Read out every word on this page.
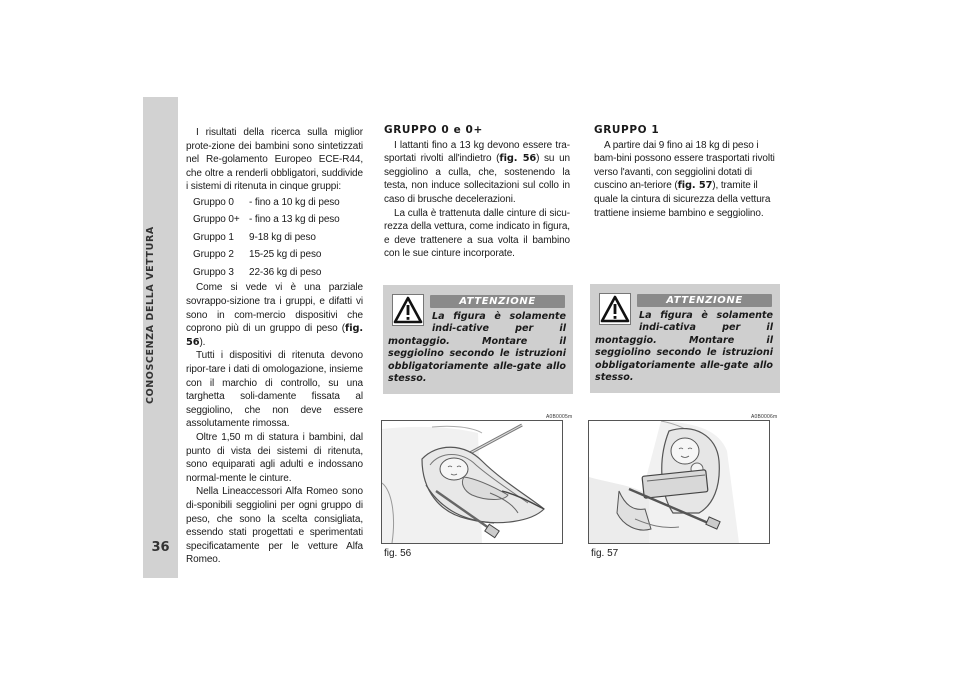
CONOSCENZA DELLA VETTURA
36

I risultati della ricerca sulla miglior prote-zione dei bambini sono sintetizzati nel Re-golamento Europeo ECE-R44, che oltre a renderli obbligatori, suddivide i sistemi di ritenuta in cinque gruppi:

Gruppo 0	- fino a 10 kg di peso
Gruppo 0+ - fino a 13 kg di peso
Gruppo 1	9-18 kg di peso
Gruppo 2	15-25 kg di peso
Gruppo 3	22-36 kg di peso

Come si vede vi è una parziale sovrappo-sizione tra i gruppi, e difatti vi sono in com-mercio dispositivi che coprono più di un gruppo di peso (fig. 56).

Tutti i dispositivi di ritenuta devono ripor-tare i dati di omologazione, insieme con il marchio di controllo, su una targhetta soli-damente fissata al seggiolino, che non deve essere assolutamente rimossa.

Oltre 1,50 m di statura i bambini, dal punto di vista dei sistemi di ritenuta, sono equiparati agli adulti e indossano normal-mente le cinture.

Nella Lineaccessori Alfa Romeo sono di-sponibili seggiolini per ogni gruppo di peso, che sono la scelta consigliata, essendo stati progettati e sperimentati specificatamente per le vetture Alfa Romeo.

GRUPPO 0 e 0+

I lattanti fino a 13 kg devono essere tra-sportati rivolti all'indietro (fig. 56) su un seggiolino a culla, che, sostenendo la testa, non induce sollecitazioni sul collo in caso di brusche decelerazioni.

La culla è trattenuta dalle cinture di sicu-rezza della vettura, come indicato in figura, e deve trattenere a sua volta il bambino con le sue cinture incorporate.

ATTENZIONE
La figura è solamente indi-cative per il montaggio. Montare il seggiolino secondo le istruzioni obbligatoriamente alle-gate allo stesso.
A0B0005m
fig. 56
GRUPPO 1

A partire dai 9 fino ai 18 kg di peso i bam-bini possono essere trasportati rivolti verso l'avanti, con seggiolini dotati di cuscino an-teriore (fig. 57), tramite il quale la cintura di sicurezza della vettura trattiene insieme bambino e seggiolino.

ATTENZIONE
La figura è solamente indi-cativa per il montaggio. Montare il seggiolino secondo le istruzioni obbligatoriamente alle-gate allo stesso.
A0B0006m
fig. 57
